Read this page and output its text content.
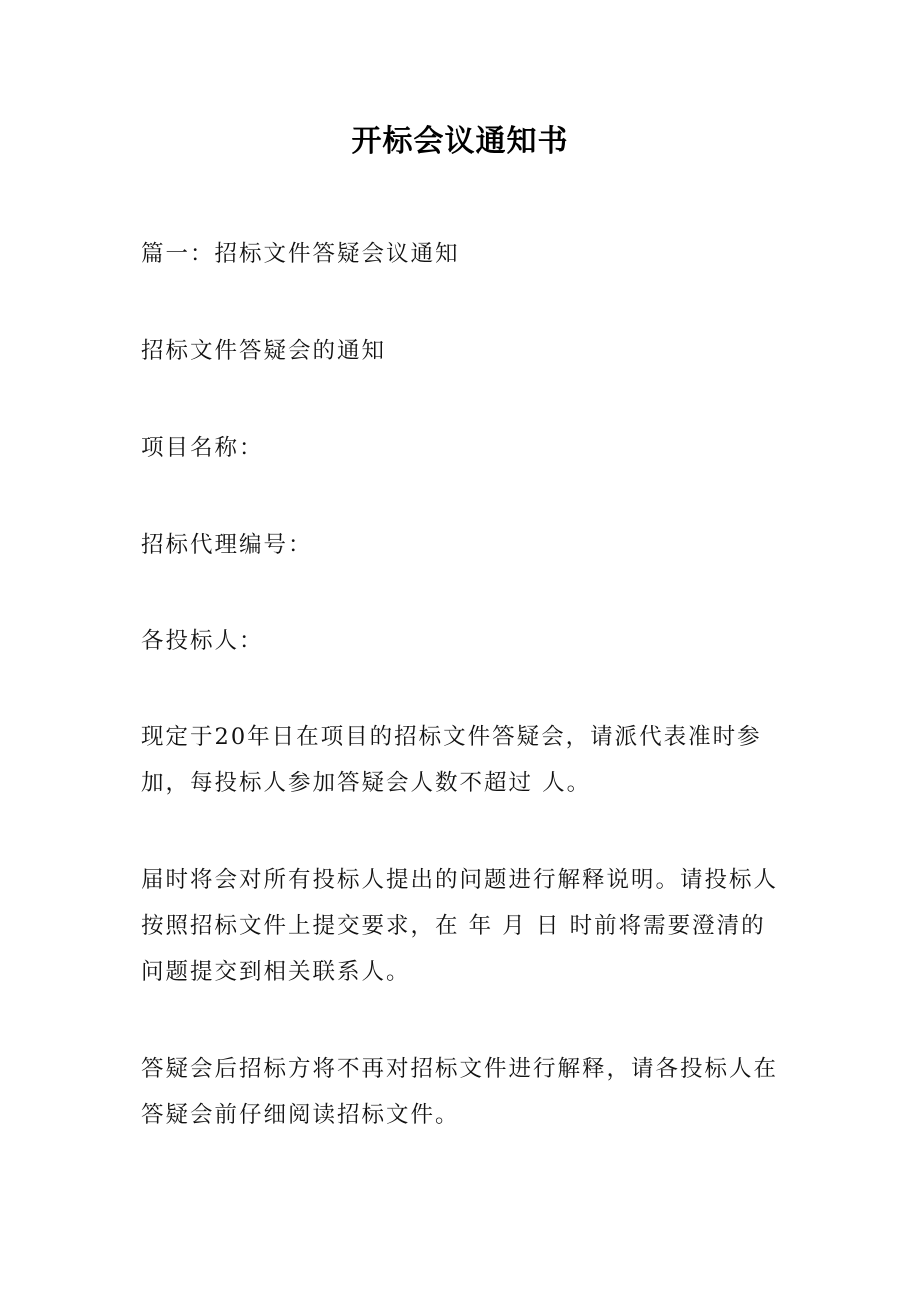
开标会议通知书

篇一：招标文件答疑会议通知

招标文件答疑会的通知

项目名称：

招标代理编号：

各投标人：

现定于20年日在项目的招标文件答疑会，请派代表准时参
加，每投标人参加答疑会人数不超过 人。

届时将会对所有投标人提出的问题进行解释说明。请投标人
按照招标文件上提交要求，在 年 月 日 时前将需要澄清的
问题提交到相关联系人。

答疑会后招标方将不再对招标文件进行解释，请各投标人在
答疑会前仔细阅读招标文件。
